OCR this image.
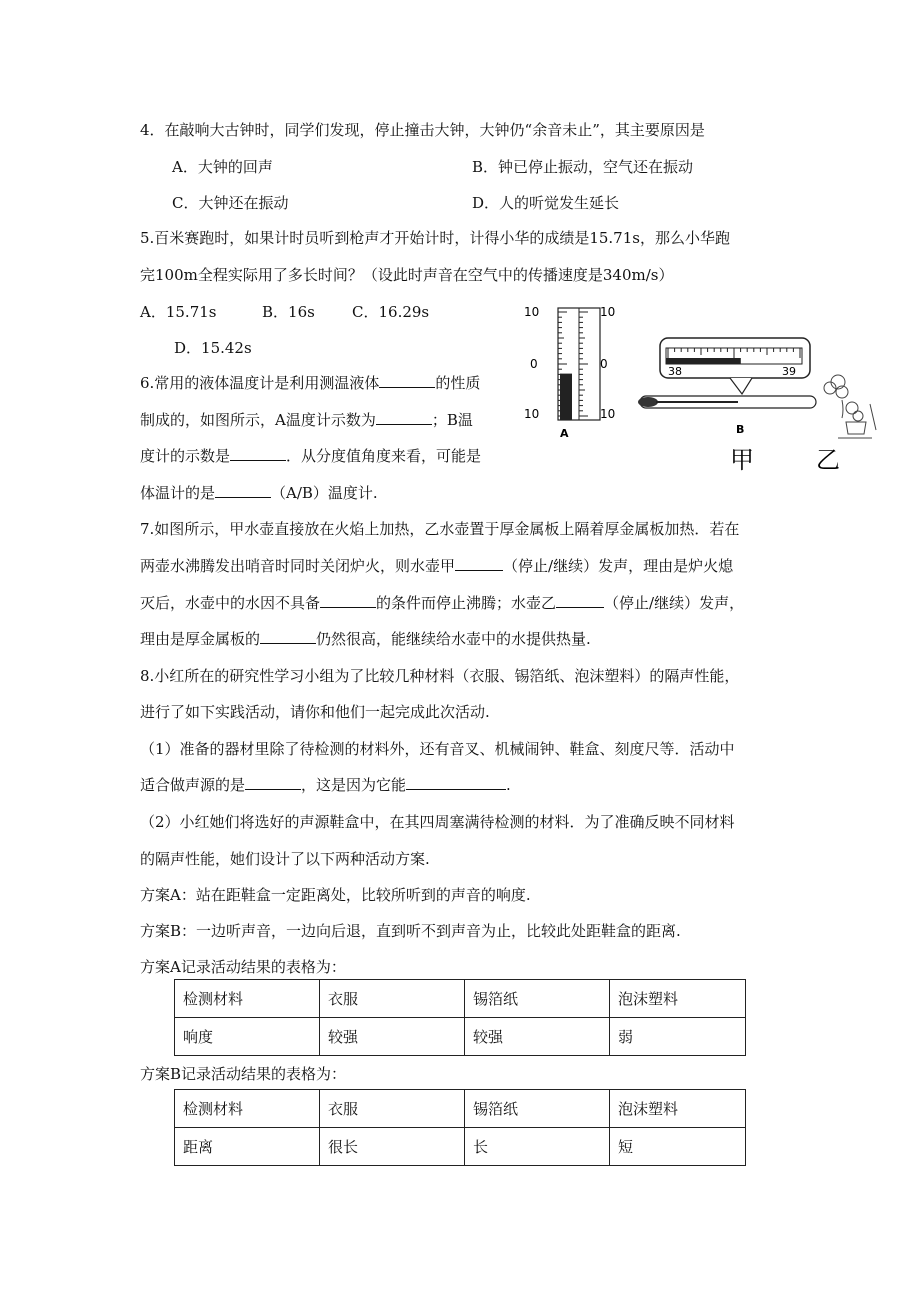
4．在敲响大古钟时，同学们发现，停止撞击大钟，大钟仍“余音未止”，其主要原因是
A．大钟的回声	B．钟已停止振动，空气还在振动
C．大钟还在振动	D．人的听觉发生延长
5.百米赛跑时，如果计时员听到枪声才开始计时，计得小华的成绩是15.71s，那么小华跑
完100m全程实际用了多长时间？（设此时声音在空气中的传播速度是340m/s）
A．15.71s	B．16s C．16.29s
D．15.42s
6.常用的液体温度计是利用测温液体	的性质
制成的，如图所示，A温度计示数为	；B温
度计的示数是	．从分度值角度来看，可能是
体温计的是	（A/B）温度计.
10
0
10
10
0
10
A
38	39
B
甲	乙
7.如图所示，甲水壶直接放在火焰上加热，乙水壶置于厚金属板上隔着厚金属板加热．若在
两壶水沸腾发出哨音时同时关闭炉火，则水壶甲	（停止/继续）发声，理由是炉火熄
灭后，水壶中的水因不具备	的条件而停止沸腾；水壶乙	（停止/继续）发声，
理由是厚金属板的	仍然很高，能继续给水壶中的水提供热量.
8.小红所在的研究性学习小组为了比较几种材料（衣服、锡箔纸、泡沫塑料）的隔声性能，
进行了如下实践活动，请你和他们一起完成此次活动.
（1）准备的器材里除了待检测的材料外，还有音叉、机械闹钟、鞋盒、刻度尺等．活动中
适合做声源的是	，这是因为它能	.
（2）小红她们将选好的声源鞋盒中，在其四周塞满待检测的材料．为了准确反映不同材料
的隔声性能，她们设计了以下两种活动方案.
方案A：站在距鞋盒一定距离处，比较所听到的声音的响度.
方案B：一边听声音，一边向后退，直到听不到声音为止，比较此处距鞋盒的距离.
方案A记录活动结果的表格为：
检测材料	衣服	锡箔纸	泡沫塑料
响度	较强	较强	弱
方案B记录活动结果的表格为：
检测材料	衣服	锡箔纸	泡沫塑料
距离	很长	长	短
